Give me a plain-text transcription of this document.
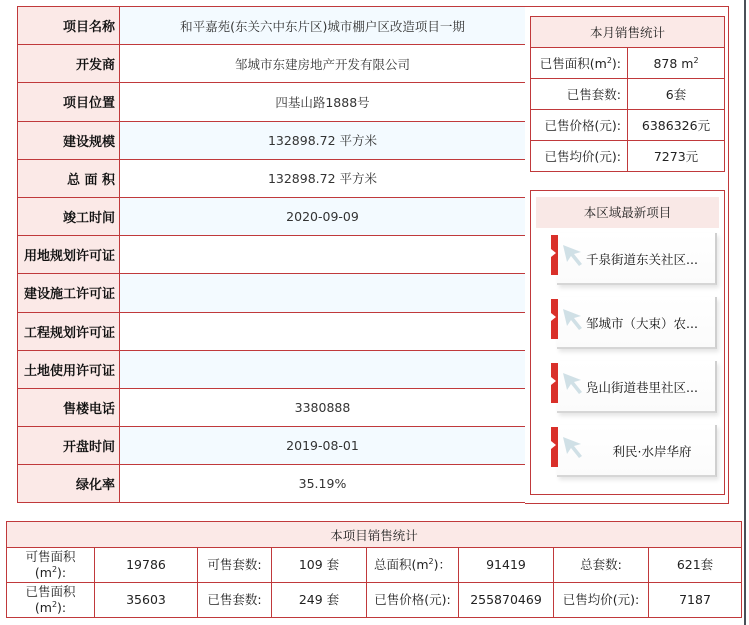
项目名称	和平嘉苑(东关六中东片区)城市棚户区改造项目一期
开发商	邹城市东建房地产开发有限公司
项目位置	四基山路1888号
建设规模	132898.72 平方米
总 面 积	132898.72 平方米
竣工时间	2020-09-09
用地规划许可证	
建设施工许可证	
工程规划许可证	
土地使用许可证	
售楼电话	3380888
开盘时间	2019-08-01
绿化率	35.19%
本月销售统计	
已售面积$(m^2)$:	878 $m^2$
已售套数:	6套
已售价格(元):	6386326元
已售均价(元):	7273元
本区域最新项目
千泉街道东关社区...
邹城市（大束）农...
凫山街道巷里社区...
利民·水岸华府
本项目销售统计							
可售面积
$(m^2)$:	19786	可售套数:	109 套	总面积$(m^2)$：	91419	总套数:	621套
已售面积
$(m^2)$:	35603	已售套数:	249 套	已售价格(元):	255870469	已售均价(元):	7187
